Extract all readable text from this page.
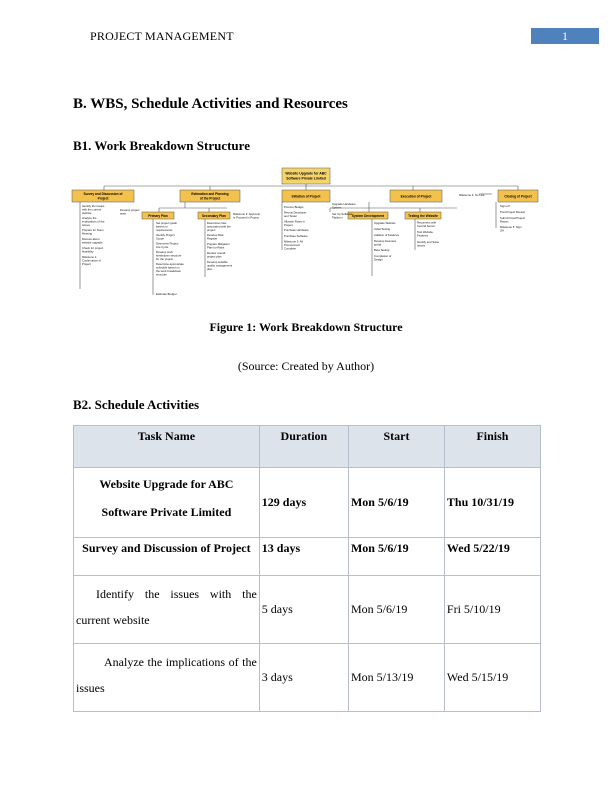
PROJECT MANAGEMENT	1
B. WBS, Schedule Activities and Resources
B1. Work Breakdown Structure
Website Upgrade for ABC
Software Private Limited
Survey and Discussion of
Project
Estimation and Planning
of the Project	Initiation of Project	Execution of Project	Closing of Project
Primary Plan	Secondary Plan	System Development	Testing the Website
Identify the issues
with the current
website
Analyze the
implications of the
issues
Prepare for Team
Meeting
Discuss about
website upgrade
Check for project
feasibility
Milestone 1:
Confirmation of
Project
Develop project
team
Set project goals
based on
requirements
Identify Project
Scope
Determine Project
Life Cycle
Develop work
breakdown structure
for the project
Determine appropriate
schedule based on
the work breakdown
structure
Estimate Budget
Determine risks
associated with the
project
Develop Risk
Register
Prepare Mitigation
Plan for Risks
Review overall
project plan
Develop suitable
quality management
plan
Milestone 2: Approval
to Proceed in Project
Procure Budget
Recruit Developer
and Tester
Allocate Roles in
Project
Purchase Hardware
Purchase Software
Milestone 3: All
Procurement
Complete
Upgrade Hardware
System
Set Up Software
Platform
Upgrade Website
Initial Testing
Addition of Features
Develop business
portal
Beta Testing
Completion of
Design
Reconnect with
Central Server
Test Website
Features
Identify and Solve
Issues
Milestone 4: Go Live
Sign-off
Post Project Review
Submit Final Project
Report
Milestone 5: Sign
Off
Figure 1: Work Breakdown Structure
(Source: Created by Author)
B2. Schedule Activities
Task Name	Duration	Start	Finish

Website Upgrade for ABC Software Private Limited	129 days	Mon 5/6/19	Thu 10/31/19

Survey and Discussion of Project	13 days	Mon 5/6/19	Wed 5/22/19

Identify the issues with the current website	5 days	Mon 5/6/19	Fri 5/10/19

Analyze the implications of the issues	3 days	Mon 5/13/19	Wed 5/15/19
